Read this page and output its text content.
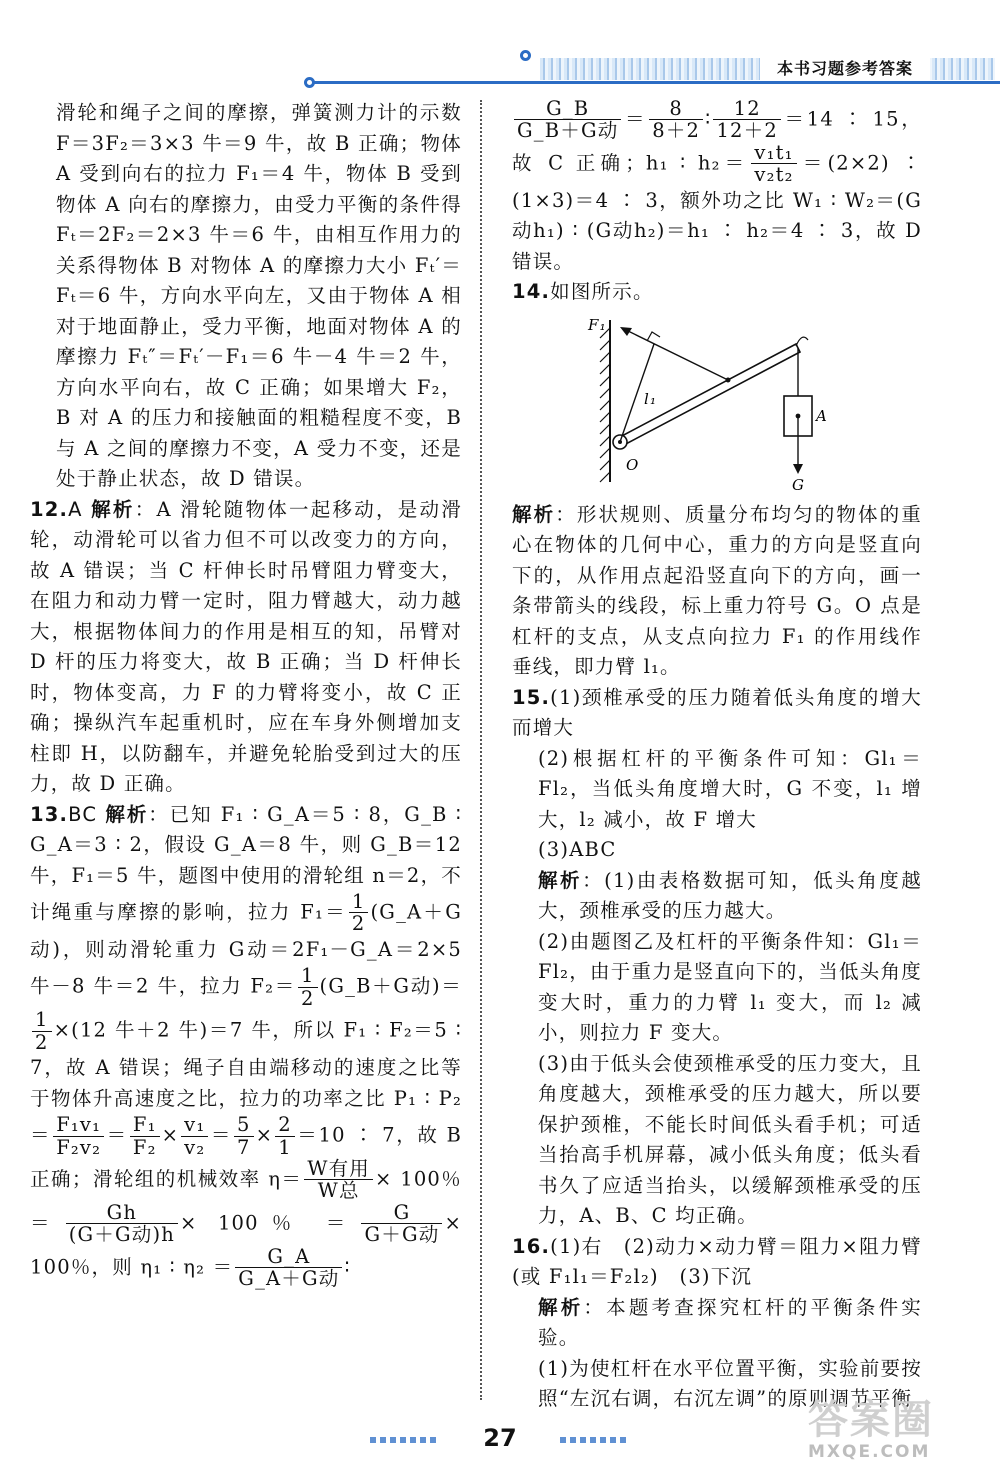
本书习题参考答案

滑轮和绳子之间的摩擦，弹簧测力计的示数 F＝3F₂＝3×3 牛＝9 牛，故 B 正确；物体 A 受到向右的拉力 F₁＝4 牛，物体 B 受到物体 A 向右的摩擦力，由受力平衡的条件得 Fₜ＝2F₂＝2×3 牛＝6 牛，由相互作用力的关系得物体 B 对物体 A 的摩擦力大小 Fₜ′＝Fₜ＝6 牛，方向水平向左，又由于物体 A 相对于地面静止，受力平衡，地面对物体 A 的摩擦力 Fₜ″＝Fₜ′－F₁＝6 牛－4 牛＝2 牛，方向水平向右，故 C 正确；如果增大 F₂，B 对 A 的压力和接触面的粗糙程度不变，B 与 A 之间的摩擦力不变，A 受力不变，还是处于静止状态，故 D 错误。

12.A 解析：A 滑轮随物体一起移动，是动滑轮，动滑轮可以省力但不可以改变力的方向，故 A 错误；当 C 杆伸长时吊臂阻力臂变大，在阻力和动力臂一定时，阻力臂越大，动力越大，根据物体间力的作用是相互的知，吊臂对 D 杆的压力将变大，故 B 正确；当 D 杆伸长时，物体变高，力 F 的力臂将变小，故 C 正确；操纵汽车起重机时，应在车身外侧增加支柱即 H，以防翻车，并避免轮胎受到过大的压力，故 D 正确。

13.BC 解析：已知 F₁ ∶ G_A＝5 ∶ 8，G_B ∶ G_A＝3 ∶ 2，假设 G_A＝8 牛，则 G_B＝12 牛，F₁＝5 牛，题图中使用的滑轮组 n＝2，不计绳重与摩擦的影响，拉力 $F_1= \frac{1}{2}$ (G_A＋G动)，则动滑轮重力 G动＝2F₁－G_A＝2×5 牛－8 牛＝2 牛，拉力 $F_2= \frac{1}{2}$ (G_B＋G动)＝
$\frac{1}{2} \times(12$ 牛＋2 牛)＝7 牛，所以 F₁ ∶ F₂＝5 ∶ 7，故 A 错误；绳子自由端移动的速度之比等于物体升高速度之比，拉力的功率之比 P₁ ∶ $P_2= \frac{\text{F₁v₁}}{\text{F₂v₂}} = \frac{\text{F₁}}{\text{F₂}} \times \frac{\text{v₁}}{\text{v₂}} = \frac{5}{7} \times \frac{2}{1} =10$ ∶ 7，故 B 正确；滑轮组的机械效率 $\eta= \frac{\text{W有用}}{\text{W总}} \times 100$％ ＝ $\frac{Gh}{\text{(G＋G动)h}} \times 100$％ ＝ $\frac{G}{\text{G＋G动}} \times 100$％，则 η₁ ∶ $\eta_2 = \frac{G\_A}{\text{G\_A＋G动}}$ ∶

$\frac{G\_B}{\text{G\_B＋G动}} = \frac{8}{8+2}$ ∶ $\frac{12}{12+2} =14$ ∶ 15，故 C 正确；h₁ ∶ $h_2= \frac{\text{v₁t₁}}{\text{v₂t₂}} =(2\times 2)$ ∶ (1×3)＝4 ∶ 3，额外功之比 W₁ ∶ W₂＝(G动h₁) ∶ (G动h₂)＝h₁ ∶ h₂＝4 ∶ 3，故 D 错误。

14.如图所示。

F₁
l₁
O
A
G

解析：形状规则、质量分布均匀的物体的重心在物体的几何中心，重力的方向是竖直向下的，从作用点起沿竖直向下的方向，画一条带箭头的线段，标上重力符号 G。O 点是杠杆的支点，从支点向拉力 F₁ 的作用线作垂线，即力臂 l₁。

15.(1)颈椎承受的压力随着低头角度的增大而增大

(2)根据杠杆的平衡条件可知：Gl₁＝Fl₂，当低头角度增大时，G 不变，l₁ 增大，l₂ 减小，故 F 增大

(3)ABC

解析：(1)由表格数据可知，低头角度越大，颈椎承受的压力越大。

(2)由题图乙及杠杆的平衡条件知：Gl₁＝Fl₂，由于重力是竖直向下的，当低头角度变大时，重力的力臂 l₁ 变大，而 l₂ 减小，则拉力 F 变大。

(3)由于低头会使颈椎承受的压力变大，且角度越大，颈椎承受的压力越大，所以要保护颈椎，不能长时间低头看手机；可适当抬高手机屏幕，减小低头角度；低头看书久了应适当抬头，以缓解颈椎承受的压力，A、B、C 均正确。

16.(1)右　(2)动力×动力臂＝阻力×阻力臂(或 F₁l₁＝F₂l₂)　(3)下沉

解析：本题考查探究杠杆的平衡条件实验。

(1)为使杠杆在水平位置平衡，实验前要按照“左沉右调，右沉左调”的原则调节平衡

27	答案圈
MXQE.COM
